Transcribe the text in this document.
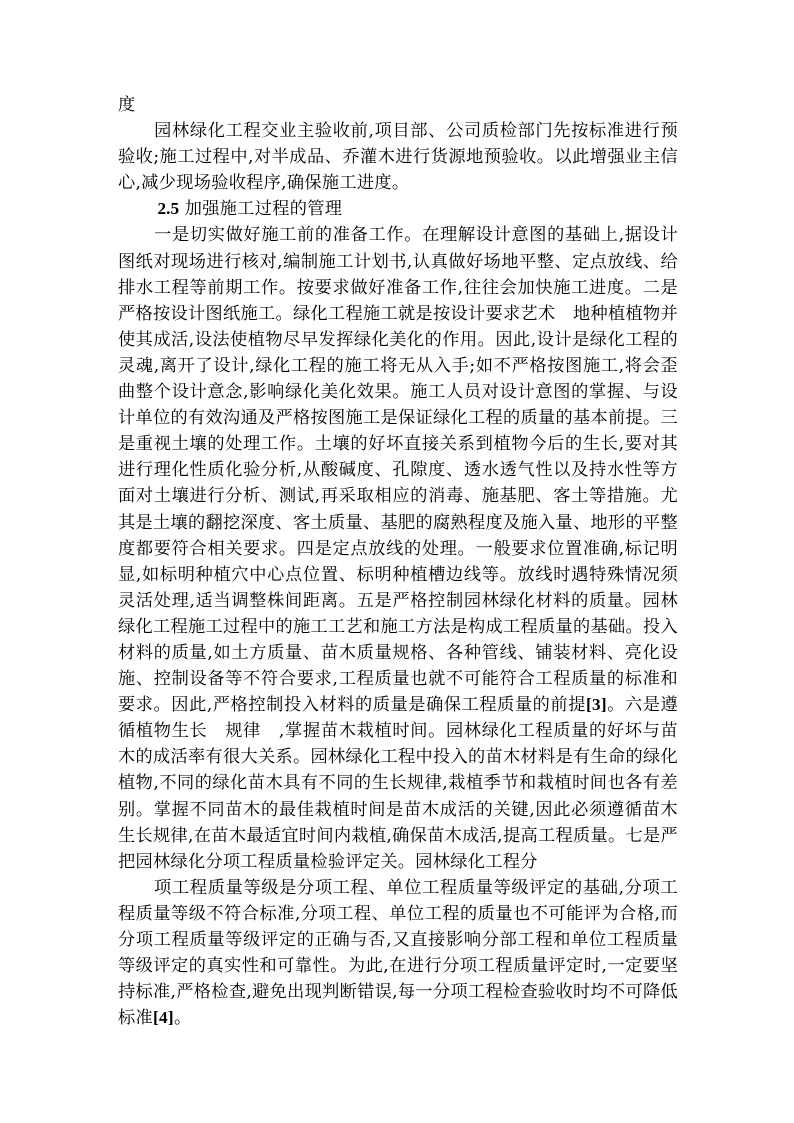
度

园林绿化工程交业主验收前,项目部、公司质检部门先按标准进行预验收;施工过程中,对半成品、乔灌木进行货源地预验收。以此增强业主信心,减少现场验收程序,确保施工进度。

2.5 加强施工过程的管理

一是切实做好施工前的准备工作。在理解设计意图的基础上,据设计图纸对现场进行核对,编制施工计划书,认真做好场地平整、定点放线、给排水工程等前期工作。按要求做好准备工作,往往会加快施工进度。二是严格按设计图纸施工。绿化工程施工就是按设计要求艺术　地种植植物并使其成活,设法使植物尽早发挥绿化美化的作用。因此,设计是绿化工程的灵魂,离开了设计,绿化工程的施工将无从入手;如不严格按图施工,将会歪曲整个设计意念,影响绿化美化效果。施工人员对设计意图的掌握、与设计单位的有效沟通及严格按图施工是保证绿化工程的质量的基本前提。三是重视土壤的处理工作。土壤的好坏直接关系到植物今后的生长,要对其进行理化性质化验分析,从酸碱度、孔隙度、透水透气性以及持水性等方面对土壤进行分析、测试,再采取相应的消毒、施基肥、客土等措施。尤其是土壤的翻挖深度、客土质量、基肥的腐熟程度及施入量、地形的平整度都要符合相关要求。四是定点放线的处理。一般要求位置准确,标记明显,如标明种植穴中心点位置、标明种植槽边线等。放线时遇特殊情况须灵活处理,适当调整株间距离。五是严格控制园林绿化材料的质量。园林绿化工程施工过程中的施工工艺和施工方法是构成工程质量的基础。投入材料的质量,如土方质量、苗木质量规格、各种管线、铺装材料、亮化设施、控制设备等不符合要求,工程质量也就不可能符合工程质量的标准和要求。因此,严格控制投入材料的质量是确保工程质量的前提[3]。六是遵循植物生长　规律　,掌握苗木栽植时间。园林绿化工程质量的好坏与苗木的成活率有很大关系。园林绿化工程中投入的苗木材料是有生命的绿化植物,不同的绿化苗木具有不同的生长规律,栽植季节和栽植时间也各有差别。掌握不同苗木的最佳栽植时间是苗木成活的关键,因此必须遵循苗木生长规律,在苗木最适宜时间内栽植,确保苗木成活,提高工程质量。七是严把园林绿化分项工程质量检验评定关。园林绿化工程分

项工程质量等级是分项工程、单位工程质量等级评定的基础,分项工程质量等级不符合标准,分项工程、单位工程的质量也不可能评为合格,而分项工程质量等级评定的正确与否,又直接影响分部工程和单位工程质量等级评定的真实性和可靠性。为此,在进行分项工程质量评定时,一定要坚持标准,严格检查,避免出现判断错误,每一分项工程检查验收时均不可降低标准[4]。
